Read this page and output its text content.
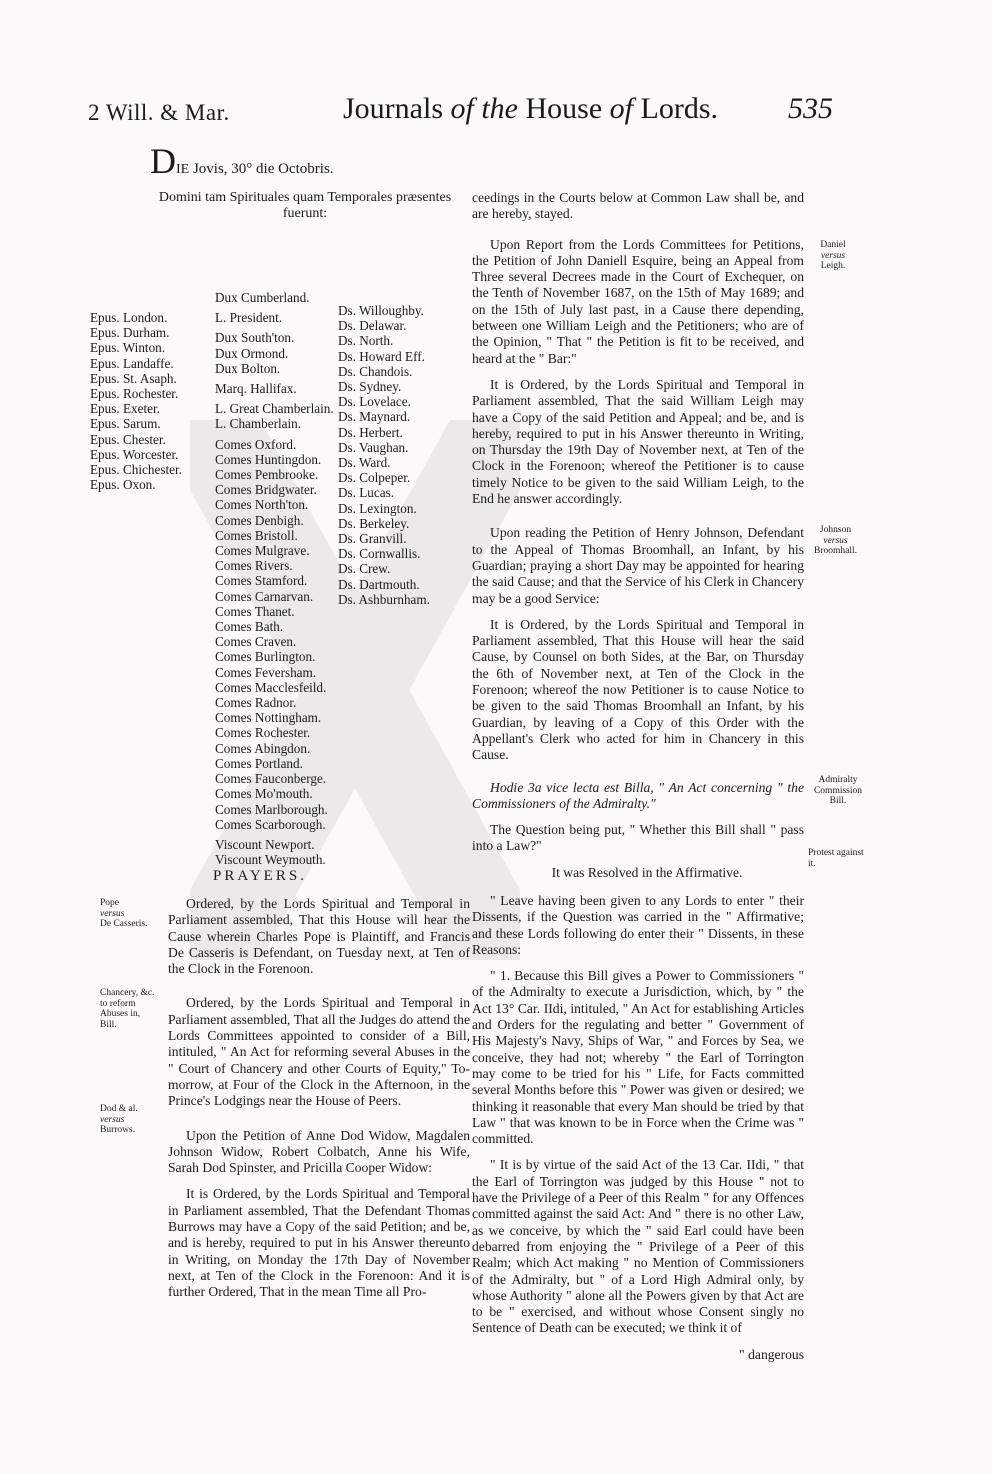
2 Will. & Mar.	Journals of the House of Lords. 535
DIE Jovis, 30° die Octobris.
Domini tam Spirituales quam Temporales præsentes fuerunt:
Epus. London.
Epus. Durham.
Epus. Winton.
Epus. Landaffe.
Epus. St. Asaph.
Epus. Rochester.
Epus. Exeter.
Epus. Sarum.
Epus. Chester.
Epus. Worcester.
Epus. Chichester.
Epus. Oxon.
Dux Cumberland.
L. President.
Dux South'ton.
Dux Ormond.
Dux Bolton.
Marq. Hallifax.
L. Great Chamberlain.
L. Chamberlain.
Comes Oxford.
Comes Huntingdon.
Comes Pembrooke.
Comes Bridgwater.
Comes North'ton.
Comes Denbigh.
Comes Bristoll.
Comes Mulgrave.
Comes Rivers.
Comes Stamford.
Comes Carnarvan.
Comes Thanet.
Comes Bath.
Comes Craven.
Comes Burlington.
Comes Feversham.
Comes Macclesfeild.
Comes Radnor.
Comes Nottingham.
Comes Rochester.
Comes Abingdon.
Comes Portland.
Comes Fauconberge.
Comes Mo'mouth.
Comes Marlborough.
Comes Scarborough.
Viscount Newport.
Viscount Weymouth.
Ds. Willoughby.
Ds. Delawar.
Ds. North.
Ds. Howard Eff.
Ds. Chandois.
Ds. Sydney.
Ds. Lovelace.
Ds. Maynard.
Ds. Herbert.
Ds. Vaughan.
Ds. Ward.
Ds. Colpeper.
Ds. Lucas.
Ds. Lexington.
Ds. Berkeley.
Ds. Granvill.
Ds. Cornwallis.
Ds. Crew.
Ds. Dartmouth.
Ds. Ashburnham.
PRAYERS.
Pope
versus
De Casseris.
Chancery, &c.
to reform
Abuses in,
Bill.
Dod & al.
versus
Burrows.

Ordered, by the Lords Spiritual and Temporal in Parliament assembled, That this House will hear the Cause wherein Charles Pope is Plaintiff, and Francis De Casseris is Defendant, on Tuesday next, at Ten of the Clock in the Forenoon.

Ordered, by the Lords Spiritual and Temporal in Parliament assembled, That all the Judges do attend the Lords Committees appointed to consider of a Bill, intituled, " An Act for reforming several Abuses in the " Court of Chancery and other Courts of Equity," To-morrow, at Four of the Clock in the Afternoon, in the Prince's Lodgings near the House of Peers.

Upon the Petition of Anne Dod Widow, Magdalen Johnson Widow, Robert Colbatch, Anne his Wife, Sarah Dod Spinster, and Pricilla Cooper Widow:

It is Ordered, by the Lords Spiritual and Temporal in Parliament assembled, That the Defendant Thomas Burrows may have a Copy of the said Petition; and be, and is hereby, required to put in his Answer thereunto in Writing, on Monday the 17th Day of November next, at Ten of the Clock in the Forenoon: And it is further Ordered, That in the mean Time all Pro-

Daniel
versus
Leigh.
Johnson
versus
Broomhall.
Admiralty
Commission
Bill.
Protest against
it.

ceedings in the Courts below at Common Law shall be, and are hereby, stayed.

Upon Report from the Lords Committees for Petitions, the Petition of John Daniell Esquire, being an Appeal from Three several Decrees made in the Court of Exchequer, on the Tenth of November 1687, on the 15th of May 1689; and on the 15th of July last past, in a Cause there depending, between one William Leigh and the Petitioners; who are of the Opinion, " That " the Petition is fit to be received, and heard at the " Bar:"

It is Ordered, by the Lords Spiritual and Temporal in Parliament assembled, That the said William Leigh may have a Copy of the said Petition and Appeal; and be, and is hereby, required to put in his Answer thereunto in Writing, on Thursday the 19th Day of November next, at Ten of the Clock in the Forenoon; whereof the Petitioner is to cause timely Notice to be given to the said William Leigh, to the End he answer accordingly.

Upon reading the Petition of Henry Johnson, Defendant to the Appeal of Thomas Broomhall, an Infant, by his Guardian; praying a short Day may be appointed for hearing the said Cause; and that the Service of his Clerk in Chancery may be a good Service:

It is Ordered, by the Lords Spiritual and Temporal in Parliament assembled, That this House will hear the said Cause, by Counsel on both Sides, at the Bar, on Thursday the 6th of November next, at Ten of the Clock in the Forenoon; whereof the now Petitioner is to cause Notice to be given to the said Thomas Broomhall an Infant, by his Guardian, by leaving of a Copy of this Order with the Appellant's Clerk who acted for him in Chancery in this Cause.

Hodie 3a vice lecta est Billa, " An Act concerning " the Commissioners of the Admiralty."

The Question being put, " Whether this Bill shall " pass into a Law?"

It was Resolved in the Affirmative.

" Leave having been given to any Lords to enter " their Dissents, if the Question was carried in the " Affirmative; and these Lords following do enter their " Dissents, in these Reasons:

" 1. Because this Bill gives a Power to Commissioners " of the Admiralty to execute a Jurisdiction, which, by " the Act 13° Car. IIdi, intituled, " An Act for establishing Articles and Orders for the regulating and better " Government of His Majesty's Navy, Ships of War, " and Forces by Sea, we conceive, they had not; whereby " the Earl of Torrington may come to be tried for his " Life, for Facts committed several Months before this " Power was given or desired; we thinking it reasonable that every Man should be tried by that Law " that was known to be in Force when the Crime was " committed.

" It is by virtue of the said Act of the 13 Car. IIdi, " that the Earl of Torrington was judged by this House " not to have the Privilege of a Peer of this Realm " for any Offences committed against the said Act: And " there is no other Law, as we conceive, by which the " said Earl could have been debarred from enjoying the " Privilege of a Peer of this Realm; which Act making " no Mention of Commissioners of the Admiralty, but " of a Lord High Admiral only, by whose Authority " alone all the Powers given by that Act are to be " exercised, and without whose Consent singly no Sentence of Death can be executed; we think it of

" dangerous
